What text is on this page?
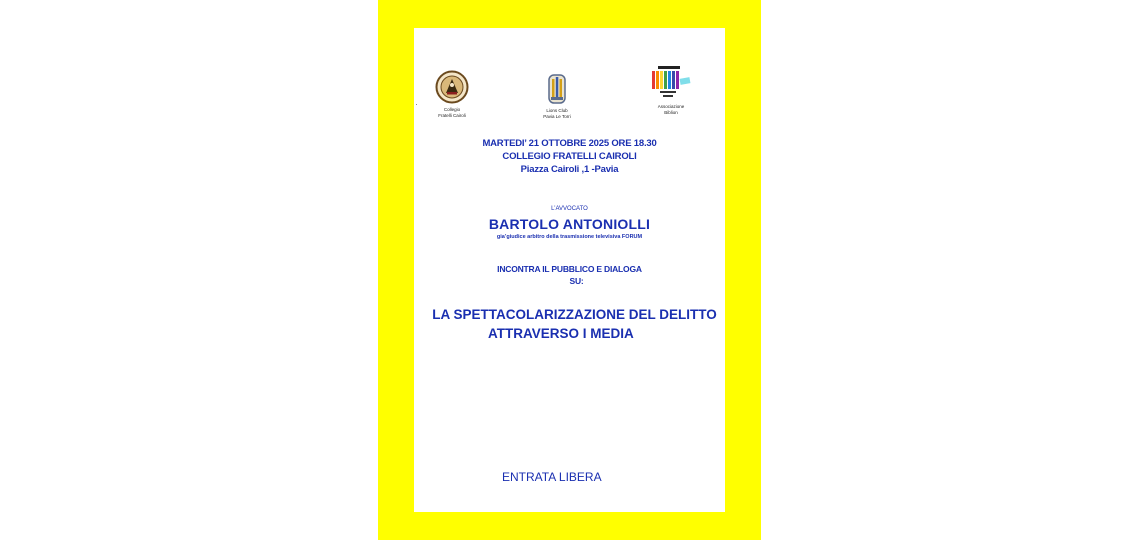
Collegio
Fratelli Cairoli
Lions Club
Pavia Le Torri
Associazione
Biblion
MARTEDI’ 21 OTTOBRE 2025 ORE 18.30
COLLEGIO FRATELLI CAIROLI
Piazza Cairoli ,1 -Pavia
L’AVVOCATO
BARTOLO ANTONIOLLI
gia’giudice arbitro della trasmissione televisiva FORUM
INCONTRA IL PUBBLICO E DIALOGA
SU:
LA SPETTACOLARIZZAZIONE DEL DELITTO
ATTRAVERSO I MEDIA
ENTRATA LIBERA
